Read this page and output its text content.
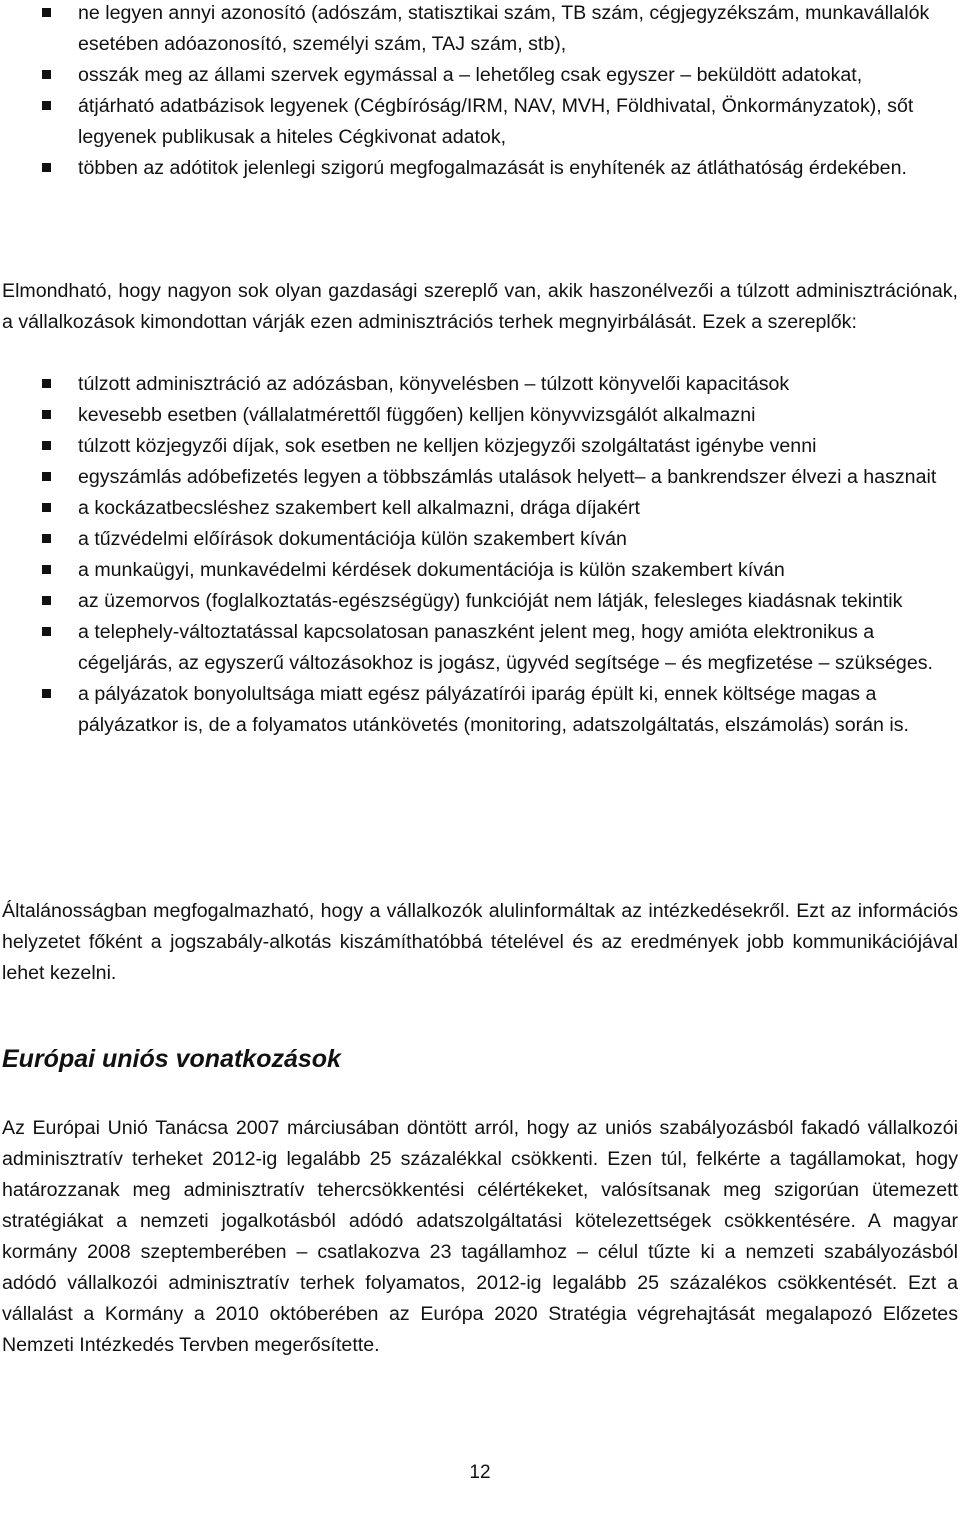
ne legyen annyi azonosító (adószám, statisztikai szám, TB szám, cégjegyzékszám, munkavállalók esetében adóazonosító, személyi szám, TAJ szám, stb),
osszák meg az állami szervek egymással a – lehetőleg csak egyszer – beküldött adatokat,
átjárható adatbázisok legyenek (Cégbíróság/IRM, NAV, MVH, Földhivatal, Önkormányzatok), sőt legyenek publikusak a hiteles Cégkivonat adatok,
többen az adótitok jelenlegi szigorú megfogalmazását is enyhítenék az átláthatóság érdekében.

Elmondható, hogy nagyon sok olyan gazdasági szereplő van, akik haszonélvezői a túlzott adminisztrációnak, a vállalkozások kimondottan várják ezen adminisztrációs terhek megnyirbálását. Ezek a szereplők:

túlzott adminisztráció az adózásban, könyvelésben – túlzott könyvelői kapacitások
kevesebb esetben (vállalatmérettől függően) kelljen könyvvizsgálót alkalmazni
túlzott közjegyzői díjak, sok esetben ne kelljen közjegyzői szolgáltatást igénybe venni
egyszámlás adóbefizetés legyen a többszámlás utalások helyett– a bankrendszer élvezi a hasznait
a kockázatbecsléshez szakembert kell alkalmazni, drága díjakért
a tűzvédelmi előírások dokumentációja külön szakembert kíván
a munkaügyi, munkavédelmi kérdések dokumentációja is külön szakembert kíván
az üzemorvos (foglalkoztatás-egészségügy) funkcióját nem látják, felesleges kiadásnak tekintik
a telephely-változtatással kapcsolatosan panaszként jelent meg, hogy amióta elektronikus a cégeljárás, az egyszerű változásokhoz is jogász, ügyvéd segítsége – és megfizetése – szükséges.
a pályázatok bonyolultsága miatt egész pályázatírói iparág épült ki, ennek költsége magas a pályázatkor is, de a folyamatos utánkövetés (monitoring, adatszolgáltatás, elszámolás) során is.

Általánosságban megfogalmazható, hogy a vállalkozók alulinformáltak az intézkedésekről. Ezt az információs helyzetet főként a jogszabály-alkotás kiszámíthatóbbá tételével és az eredmények jobb kommunikációjával lehet kezelni.

Európai uniós vonatkozások

Az Európai Unió Tanácsa 2007 márciusában döntött arról, hogy az uniós szabályozásból fakadó vállalkozói adminisztratív terheket 2012-ig legalább 25 százalékkal csökkenti. Ezen túl, felkérte a tagállamokat, hogy határozzanak meg adminisztratív tehercsökkentési célértékeket, valósítsanak meg szigorúan ütemezett stratégiákat a nemzeti jogalkotásból adódó adatszolgáltatási kötelezettségek csökkentésére. A magyar kormány 2008 szeptemberében – csatlakozva 23 tagállamhoz – célul tűzte ki a nemzeti szabályozásból adódó vállalkozói adminisztratív terhek folyamatos, 2012-ig legalább 25 százalékos csökkentését. Ezt a vállalást a Kormány a 2010 októberében az Európa 2020 Stratégia végrehajtását megalapozó Előzetes Nemzeti Intézkedés Tervben megerősítette.

12
